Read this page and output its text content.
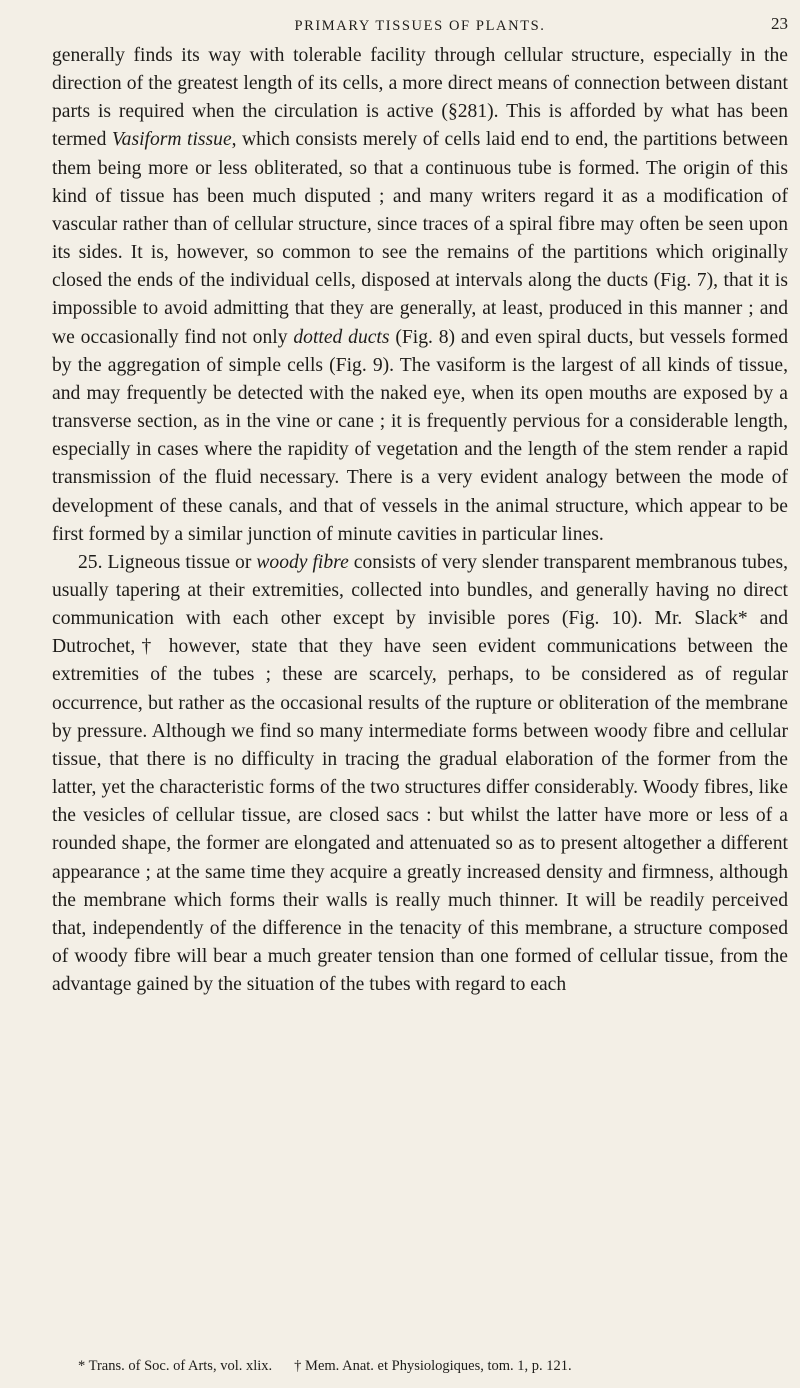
PRIMARY TISSUES OF PLANTS.	23

generally finds its way with tolerable facility through cellular structure, especially in the direction of the greatest length of its cells, a more direct means of connection between distant parts is required when the circulation is active (§281). This is afforded by what has been termed Vasiform tissue, which consists merely of cells laid end to end, the partitions between them being more or less obliterated, so that a continuous tube is formed. The origin of this kind of tissue has been much disputed ; and many writers regard it as a modification of vascular rather than of cellular structure, since traces of a spiral fibre may often be seen upon its sides. It is, however, so common to see the remains of the partitions which originally closed the ends of the individual cells, disposed at intervals along the ducts (Fig. 7), that it is impossible to avoid admitting that they are generally, at least, produced in this manner ; and we occasionally find not only dotted ducts (Fig. 8) and even spiral ducts, but vessels formed by the aggregation of simple cells (Fig. 9). The vasiform is the largest of all kinds of tissue, and may frequently be detected with the naked eye, when its open mouths are exposed by a transverse section, as in the vine or cane ; it is frequently pervious for a considerable length, especially in cases where the rapidity of vegetation and the length of the stem render a rapid transmission of the fluid necessary. There is a very evident analogy between the mode of development of these canals, and that of vessels in the animal structure, which appear to be first formed by a similar junction of minute cavities in particular lines.

25. Ligneous tissue or woody fibre consists of very slender transparent membranous tubes, usually tapering at their extremities, collected into bundles, and generally having no direct communication with each other except by invisible pores (Fig. 10). Mr. Slack* and Dutrochet,† however, state that they have seen evident communications between the extremities of the tubes ; these are scarcely, perhaps, to be considered as of regular occurrence, but rather as the occasional results of the rupture or obliteration of the membrane by pressure. Although we find so many intermediate forms between woody fibre and cellular tissue, that there is no difficulty in tracing the gradual elaboration of the former from the latter, yet the characteristic forms of the two structures differ considerably. Woody fibres, like the vesicles of cellular tissue, are closed sacs : but whilst the latter have more or less of a rounded shape, the former are elongated and attenuated so as to present altogether a different appearance ; at the same time they acquire a greatly increased density and firmness, although the membrane which forms their walls is really much thinner. It will be readily perceived that, independently of the difference in the tenacity of this membrane, a structure composed of woody fibre will bear a much greater tension than one formed of cellular tissue, from the advantage gained by the situation of the tubes with regard to each

* Trans. of Soc. of Arts, vol. xlix. † Mem. Anat. et Physiologiques, tom. 1, p. 121.
